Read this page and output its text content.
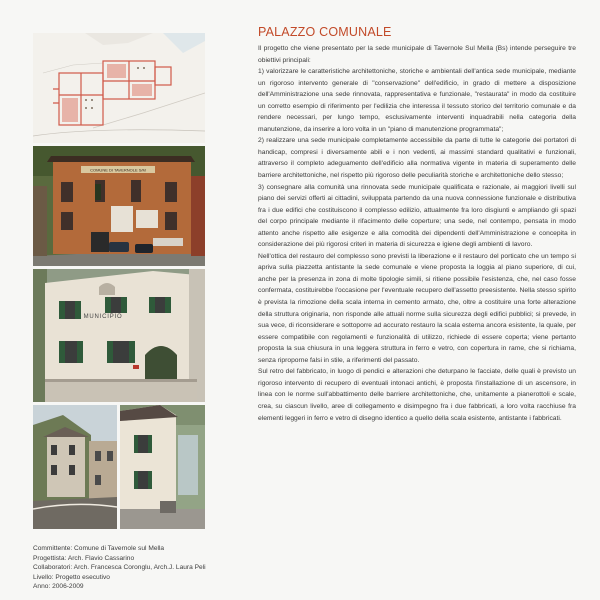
COMUNE DI TAVERNOLE S/M
MUNICIPIO
Committente: Comune di Tavernole sul Mella
Progettista: Arch. Flavio Cassarino
Collaboratori: Arch. Francesca Coronglu, Arch.J. Laura Peli
Livello: Progetto esecutivo
Anno: 2006-2009
PALAZZO COMUNALE

Il progetto che viene presentato per la sede municipale di Tavernole Sul Mella (Bs) intende perseguire tre obiettivi principali:

1) valorizzare le caratteristiche architettoniche, storiche e ambientali dell'antica sede municipale, mediante un rigoroso intervento generale di "conservazione" dell'edificio, in grado di mettere a disposizione dell'Amministrazione una sede rinnovata, rappresentativa e funzionale, "restaurata" in modo da costituire un corretto esempio di riferimento per l'edilizia che interessa il tessuto storico del territorio comunale e da rendere necessari, per lungo tempo, esclusivamente interventi inquadrabili nella categoria della manutenzione, da inserire a loro volta in un "piano di manutenzione programmata";

2) realizzare una sede municipale completamente accessibile da parte di tutte le categorie dei portatori di handicap, compresi i diversamente abili e i non vedenti, ai massimi standard qualitativi e funzionali, attraverso il completo adeguamento dell'edificio alla normativa vigente in materia di superamento delle barriere architettoniche, nel rispetto più rigoroso delle peculiarità storiche e architettoniche dello stesso;

3) consegnare alla comunità una rinnovata sede municipale qualificata e razionale, ai maggiori livelli sul piano dei servizi offerti ai cittadini, sviluppata partendo da una nuova connessione funzionale e distributiva fra i due edifici che costituiscono il complesso edilizio, attualmente fra loro disgiunti e ampliando gli spazi del corpo principale mediante il rifacimento delle coperture; una sede, nel contempo, pensata in modo attento anche rispetto alle esigenze e alla comodità dei dipendenti dell'Amministrazione e concepita in considerazione dei più rigorosi criteri in materia di sicurezza e igiene degli ambienti di lavoro.

Nell'ottica del restauro del complesso sono previsti la liberazione e il restauro del porticato che un tempo si apriva sulla piazzetta antistante la sede comunale e viene proposta la loggia al piano superiore, di cui, anche per la presenza in zona di molte tipologie simili, si ritiene possibile l'esistenza, che, nel caso fosse confermata, costituirebbe l'occasione per l'eventuale recupero dell'assetto preesistente. Nella stesso spirito è prevista la rimozione della scala interna in cemento armato, che, oltre a costituire una forte alterazione della struttura originaria, non risponde alle attuali norme sulla sicurezza degli edifici pubblici; si prevede, in sua vece, di riconsiderare e sottoporre ad accurato restauro la scala esterna ancora esistente, la quale, per essere compatibile con regolamenti e funzionalità di utilizzo, richiede di essere coperta; viene pertanto proposta la sua chiusura in una leggera struttura in ferro e vetro, con copertura in rame, che si richiama, senza riproporne falsi in stile, a riferimenti del passato.

Sul retro del fabbricato, in luogo di pendici e alterazioni che deturpano le facciate, delle quali è previsto un rigoroso intervento di recupero di eventuali intonaci antichi, è proposta l'installazione di un ascensore, in linea con le norme sull'abbattimento delle barriere architettoniche, che, unitamente a pianerottoli e scale, crea, su ciascun livello, aree di collegamento e disimpegno fra i due fabbricati, a loro volta racchiuse fra elementi leggeri in ferro e vetro di disegno identico a quello della scala esistente, antistante i fabbricati.
